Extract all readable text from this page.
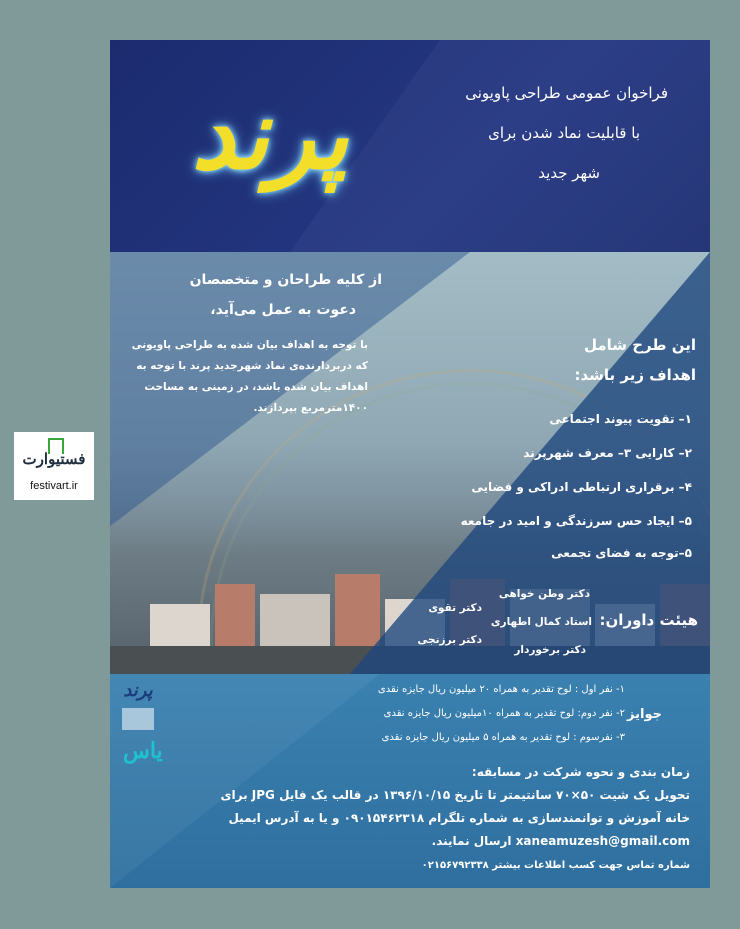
فستیوارت
festivart.ir
پرند	فراخوان عمومی طراحی پاویونی
با قابلیت نماد شدن برای
شهر جدید
از کلیه طراحان و متخصصان
دعوت به عمل می‌آید،
با توجه به اهداف بیان شده به طراحی پاویونی که دربردارنده‌ی نماد شهرجدید پرند با توجه به اهداف بیان شده باشد، در زمینی به مساحت ۱۴۰۰مترمربع بپردازند.
این طرح شامل
اهداف زیر باشد:
۱– تقویت پیوند اجتماعی
۲– کارایی ۳– معرف شهرپرند
۴– برقراری ارتباطی ادراکی و فضایی
۵– ایجاد حس سرزندگی و امید در جامعه
۵–توجه به فضای تجمعی
هیئت داوران:
دکتر وطن خواهی
استاد کمال اطهاری
دکتر برخوردار
دکتر تقوی
دکتر برزنجی
پرند
یاس
جوایز
۱- نفر اول : لوح تقدیر به همراه ۲۰ میلیون ریال جایزه نقدی
۲- نفر دوم: لوح تقدیر به همراه ۱۰میلیون ریال جایزه نقدی
۳- نفرسوم : لوح تقدیر به همراه ۵ میلیون ریال جایزه نقدی
زمان بندی و نحوه شرکت در مسابقه:
تحویل یک شیت ۵۰×۷۰ سانتیمتر تا تاریخ ۱۳۹۶/۱۰/۱۵ در قالب یک فایل JPG برای
خانه آموزش و توانمندسازی به شماره تلگرام ۰۹۰۱۵۴۶۲۳۱۸ و یا به آدرس ایمیل
xaneamuzesh@gmail.com ارسال نمایند.
شماره تماس جهت کسب اطلاعات بیشتر ۰۲۱۵۶۷۹۲۳۳۸
